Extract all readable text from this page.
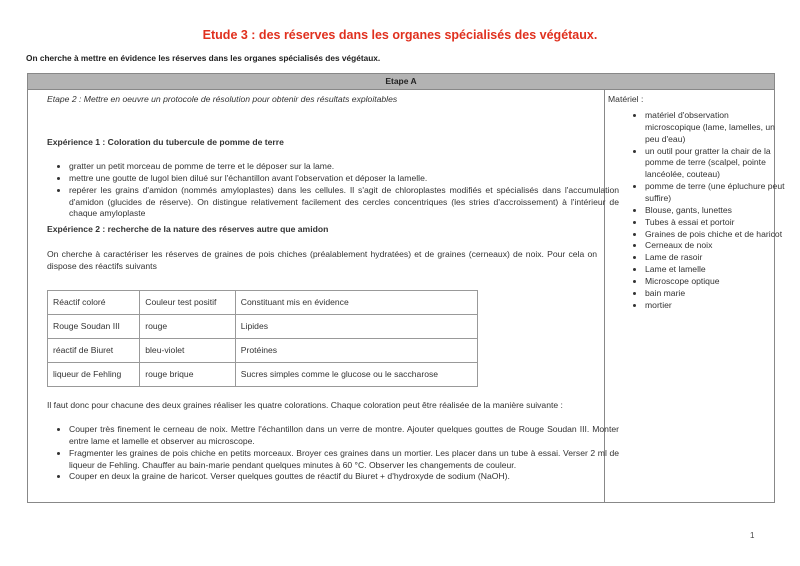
Etude 3 : des réserves dans les organes spécialisés des végétaux.
On cherche à mettre en évidence les réserves dans les organes spécialisés des végétaux.
Etape A
Etape 2 : Mettre en oeuvre un protocole de résolution pour obtenir des résultats exploitables
Expérience 1 : Coloration du tubercule de pomme de terre
• gratter un petit morceau de pomme de terre et le déposer sur la lame.
• mettre une goutte de lugol bien dilué sur l'échantillon avant l'observation et déposer la lamelle.
• repérer les grains d'amidon (nommés amyloplastes) dans les cellules. Il s'agit de chloroplastes modifiés et spécialisés dans l'accumulation d'amidon (glucides de réserve). On distingue relativement facilement des cercles concentriques (les stries d'accroissement) à l'intérieur de chaque amyloplaste
Expérience 2 : recherche de la nature des réserves autre que amidon
On cherche à caractériser les réserves de graines de pois chiches (préalablement hydratées) et de graines (cerneaux) de noix. Pour cela on dispose des réactifs suivants
Réactif coloré	Couleur test positif	Constituant mis en évidence
Rouge Soudan III	rouge	Lipides
réactif de Biuret	bleu-violet	Protéines
liqueur de Fehling	rouge brique	Sucres simples comme le glucose ou le saccharose
Il faut donc pour chacune des deux graines réaliser les quatre colorations. Chaque coloration peut être réalisée de la manière suivante :
• Couper très finement le cerneau de noix. Mettre l'échantillon dans un verre de montre. Ajouter quelques gouttes de Rouge Soudan III. Monter entre lame et lamelle et observer au microscope.
• Fragmenter les graines de pois chiche en petits morceaux. Broyer ces graines dans un mortier. Les placer dans un tube à essai. Verser 2 ml de liqueur de Fehling. Chauffer au bain-marie pendant quelques minutes à 60 °C. Observer les changements de couleur.
• Couper en deux la graine de haricot. Verser quelques gouttes de réactif du Biuret + d'hydroxyde de sodium (NaOH).
Matériel :
• matériel d'observation microscopique (lame, lamelles, un peu d'eau)
• un outil pour gratter la chair de la pomme de terre (scalpel, pointe lancéolée, couteau)
• pomme de terre (une épluchure peut suffire)
• Blouse, gants, lunettes
• Tubes à essai et portoir
• Graines de pois chiche et de haricot
• Cerneaux de noix
• Lame de rasoir
• Lame et lamelle
• Microscope optique
• bain marie
• mortier
1
